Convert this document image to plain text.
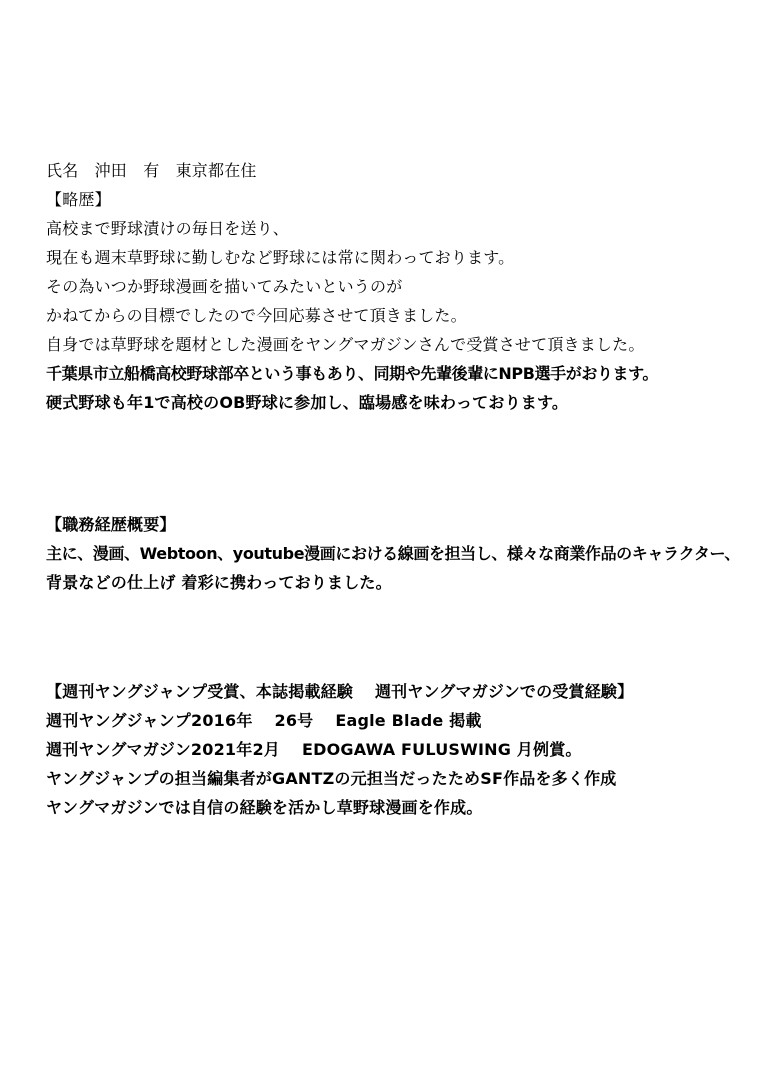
氏名　沖田　有　東京都在住
【略歴】
高校まで野球漬けの毎日を送り、
現在も週末草野球に勤しむなど野球には常に関わっております。
その為いつか野球漫画を描いてみたいというのが
かねてからの目標でしたので今回応募させて頂きました。
自身では草野球を題材とした漫画をヤングマガジンさんで受賞させて頂きました。
千葉県市立船橋高校野球部卒という事もあり、同期や先輩後輩にNPB選手がおります。
硬式野球も年1で高校のOB野球に参加し、臨場感を味わっております。
【職務経歴概要】
主に、漫画、Webtoon、youtube漫画における線画を担当し、様々な商業作品のキャラクター、
背景などの仕上げ 着彩に携わっておりました。
【週刊ヤングジャンプ受賞、本誌掲載経験　 週刊ヤングマガジンでの受賞経験】
週刊ヤングジャンプ2016年　 26号　 Eagle Blade 掲載
週刊ヤングマガジン2021年2月　 EDOGAWA FULUSWING 月例賞。
ヤングジャンプの担当編集者がGANTZの元担当だったためSF作品を多く作成
ヤングマガジンでは自信の経験を活かし草野球漫画を作成。
